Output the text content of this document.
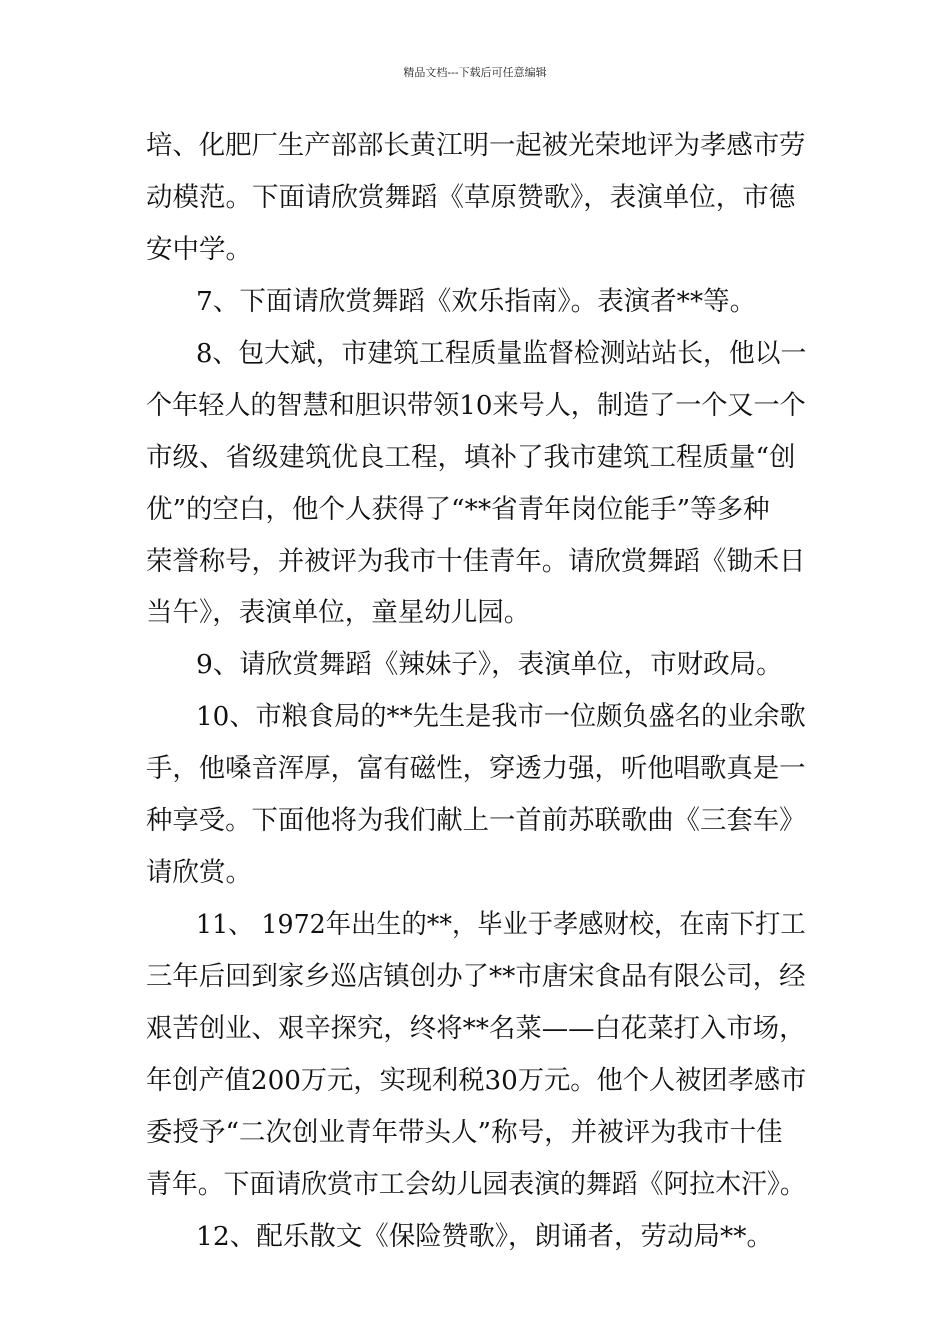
精品文档---下载后可任意编辑
培、化肥厂生产部部长黄江明一起被光荣地评为孝感市劳
动模范。下面请欣赏舞蹈《草原赞歌》，表演单位，市德
安中学。
7、下面请欣赏舞蹈《欢乐指南》。表演者**等。
8、包大斌，市建筑工程质量监督检测站站长，他以一
个年轻人的智慧和胆识带领10来号人，制造了一个又一个
市级、省级建筑优良工程，填补了我市建筑工程质量“创
优”的空白，他个人获得了“**省青年岗位能手”等多种
荣誉称号，并被评为我市十佳青年。请欣赏舞蹈《锄禾日
当午》，表演单位，童星幼儿园。
9、请欣赏舞蹈《辣妹子》，表演单位，市财政局。
10、市粮食局的**先生是我市一位颇负盛名的业余歌
手，他嗓音浑厚，富有磁性，穿透力强，听他唱歌真是一
种享受。下面他将为我们献上一首前苏联歌曲《三套车》
请欣赏。
11、 1972年出生的**，毕业于孝感财校，在南下打工
三年后回到家乡巡店镇创办了**市唐宋食品有限公司，经
艰苦创业、艰辛探究，终将**名菜——白花菜打入市场，
年创产值200万元，实现利税30万元。他个人被团孝感市
委授予“二次创业青年带头人”称号，并被评为我市十佳
青年。下面请欣赏市工会幼儿园表演的舞蹈《阿拉木汗》。
12、配乐散文《保险赞歌》，朗诵者，劳动局**。
